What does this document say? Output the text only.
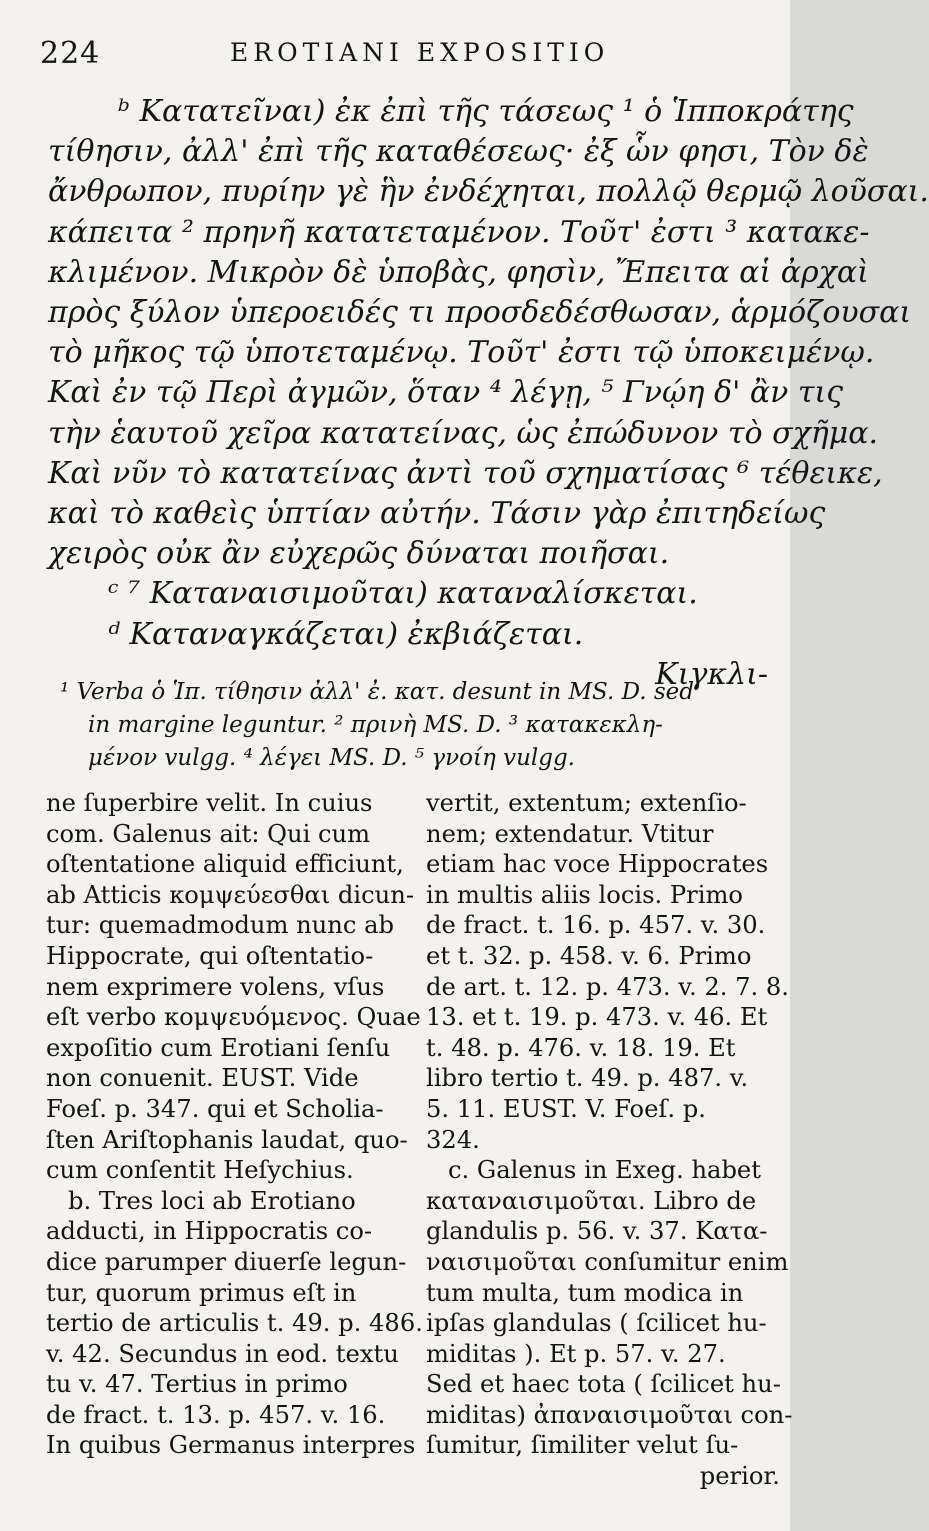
224	EROTIANI EXPOSITIO
ᵇ Κατατεῖναι) ἐκ ἐπὶ τῆς τάσεως ¹ ὁ Ἱπποκράτης
τίθησιν, ἀλλ' ἐπὶ τῆς καταθέσεως· ἐξ ὧν φησι, Τὸν δὲ
ἄνθρωπον, πυρίην γὲ ἣν ἐνδέχηται, πολλῷ θερμῷ λοῦσαι.
κάπειτα ² πρηνῆ κατατεταμένον. Τοῦτ' ἐστι ³ κατακε-
κλιμένον. Μικρὸν δὲ ὑποβὰς, φησὶν, Ἔπειτα αἱ ἀρχαὶ
πρὸς ξύλον ὑπεροειδές τι προσδεδέσθωσαν, ἁρμόζουσαι
τὸ μῆκος τῷ ὑποτεταμένῳ. Τοῦτ' ἐστι τῷ ὑποκειμένῳ.
Καὶ ἐν τῷ Περὶ ἀγμῶν, ὅταν ⁴ λέγῃ, ⁵ Γνῴη δ' ἂν τις
τὴν ἑαυτοῦ χεῖρα κατατείνας, ὡς ἐπώδυνον τὸ σχῆμα.
Καὶ νῦν τὸ κατατείνας ἀντὶ τοῦ σχηματίσας ⁶ τέθεικε,
καὶ τὸ καθεὶς ὑπτίαν αὐτήν. Τάσιν γὰρ ἐπιτηδείως
χειρὸς οὐκ ἂν εὐχερῶς δύναται ποιῆσαι.
ᶜ ⁷ Καταναισιμοῦται) καταναλίσκεται.
ᵈ Καταναγκάζεται) ἐκβιάζεται.
Κιγκλι-
¹ Verba ὁ Ἱπ. τίθησιν ἀλλ' ἐ. κατ. desunt in MS. D. sed
in margine leguntur. ² πρινὴ MS. D. ³ κατακεκλη-
μένον vulgg. ⁴ λέγει MS. D. ⁵ γνοίη vulgg.
ne ſuperbire velit. In cuius
com. Galenus ait: Qui cum
oſtentatione aliquid efficiunt,
ab Atticis κομψεύεσθαι dicun-
tur: quemadmodum nunc ab
Hippocrate, qui oſtentatio-
nem exprimere volens, vſus
eſt verbo κομψευόμενος. Quae
expoſitio cum Erotiani ſenſu
non conuenit. EUST. Vide
Foeſ. p. 347. qui et Scholia-
ſten Ariſtophanis laudat, quo-
cum conſentit Heſychius.
b. Tres loci ab Erotiano
adducti, in Hippocratis co-
dice parumper diuerſe legun-
tur, quorum primus eſt in
tertio de articulis t. 49. p. 486.
v. 42. Secundus in eod. textu
tu v. 47. Tertius in primo
de fract. t. 13. p. 457. v. 16.
In quibus Germanus interpres
vertit, extentum; extenſio-
nem; extendatur. Vtitur
etiam hac voce Hippocrates
in multis aliis locis. Primo
de fract. t. 16. p. 457. v. 30.
et t. 32. p. 458. v. 6. Primo
de art. t. 12. p. 473. v. 2. 7. 8.
13. et t. 19. p. 473. v. 46. Et
t. 48. p. 476. v. 18. 19. Et
libro tertio t. 49. p. 487. v.
5. 11. EUST. V. Foeſ. p.
324.
c. Galenus in Exeg. habet
καταναισιμοῦται. Libro de
glandulis p. 56. v. 37. Κατα-
ναισιμοῦται conſumitur enim
tum multa, tum modica in
ipſas glandulas ( ſcilicet hu-
miditas ). Et p. 57. v. 27.
Sed et haec tota ( ſcilicet hu-
miditas) ἀπαναισιμοῦται con-
ſumitur, ſimiliter velut ſu-
perior.
